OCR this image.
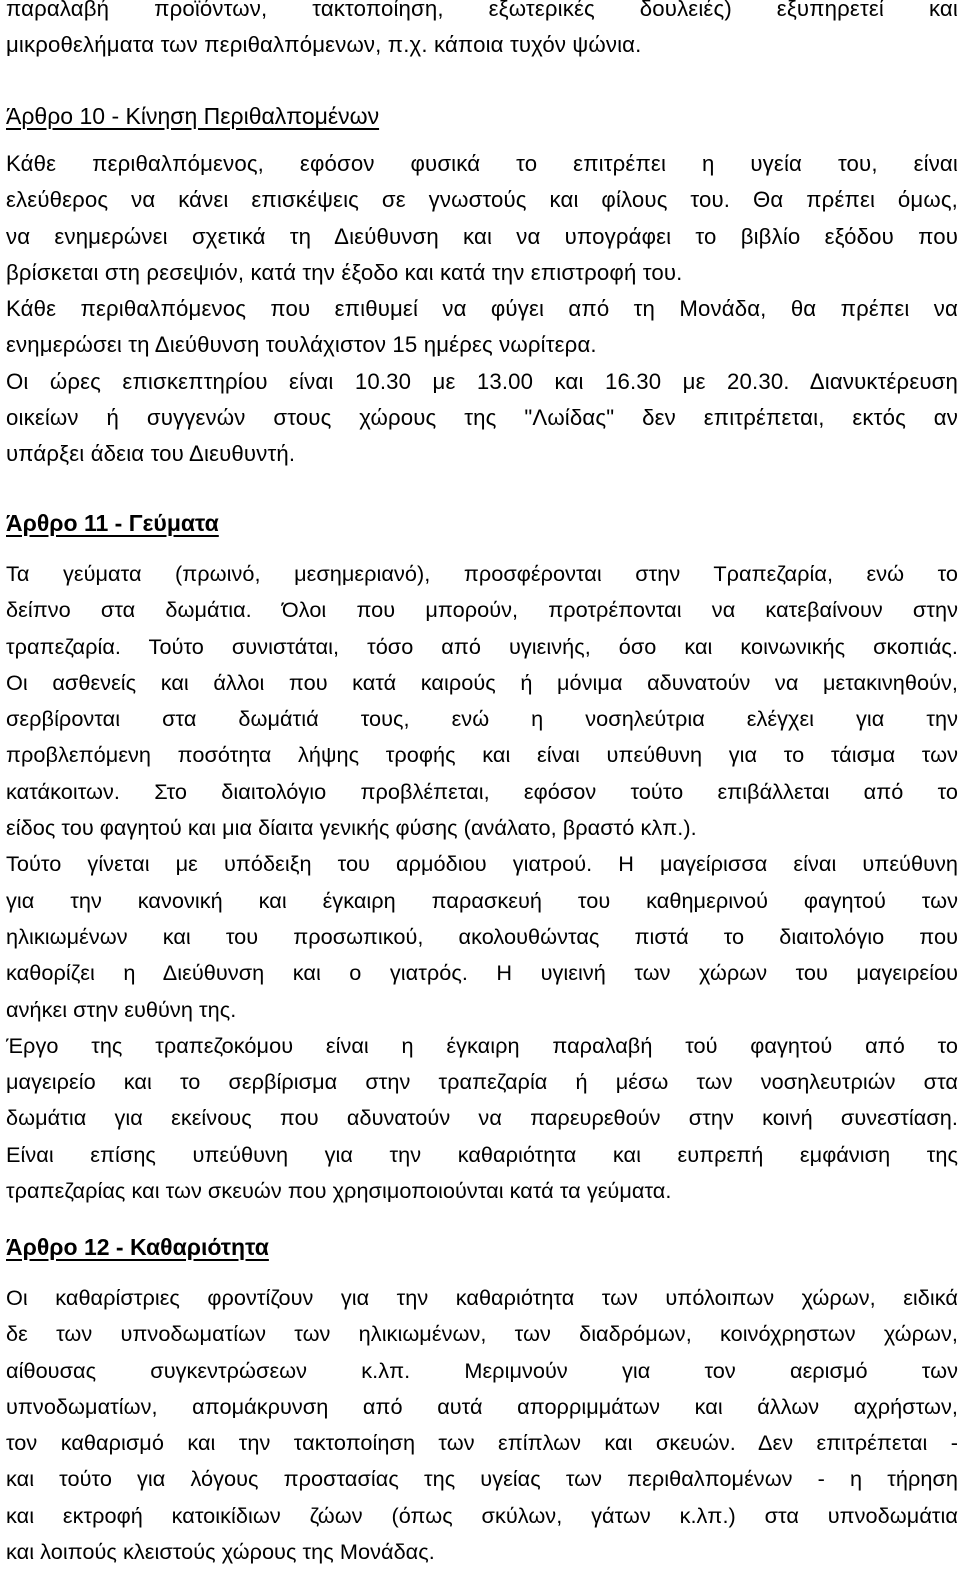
παραλαβή προϊόντων, τακτοποίηση, εξωτερικές δουλειές) εξυπηρετεί και
μικροθελήματα των περιθαλπόμενων, π.χ. κάποια τυχόν ψώνια.
Άρθρο 10 - Κίνηση Περιθαλπομένων
Κάθε περιθαλπόμενος, εφόσον φυσικά το επιτρέπει η υγεία του, είναι
ελεύθερος να κάνει επισκέψεις σε γνωστούς και φίλους του. Θα πρέπει όμως,
να ενημερώνει σχετικά τη Διεύθυνση και να υπογράφει το βιβλίο εξόδου που
βρίσκεται στη ρεσεψιόν, κατά την έξοδο και κατά την επιστροφή του.
Κάθε περιθαλπόμενος που επιθυμεί να φύγει από τη Μονάδα, θα πρέπει να
ενημερώσει τη Διεύθυνση τουλάχιστον 15 ημέρες νωρίτερα.
Οι ώρες επισκεπτηρίου είναι 10.30 με 13.00 και 16.30 με 20.30. Διανυκτέρευση
οικείων ή συγγενών στους χώρους της "Λωίδας" δεν επιτρέπεται, εκτός αν
υπάρξει άδεια του Διευθυντή.
Άρθρο 11 - Γεύματα
Τα γεύματα (πρωινό, μεσημεριανό), προσφέρονται στην Τραπεζαρία, ενώ το
δείπνο στα δωμάτια. Όλοι που μπορούν, προτρέπονται να κατεβαίνουν στην
τραπεζαρία. Τούτο συνιστάται, τόσο από υγιεινής, όσο και κοινωνικής σκοπιάς.
Οι ασθενείς και άλλοι που κατά καιρούς ή μόνιμα αδυνατούν να μετακινηθούν,
σερβίρονται στα δωμάτιά τους, ενώ η νοσηλεύτρια ελέγχει για την
προβλεπόμενη ποσότητα λήψης τροφής και είναι υπεύθυνη για το τάισμα των
κατάκοιτων. Στο διαιτολόγιο προβλέπεται, εφόσον τούτο επιβάλλεται από το
είδος του φαγητού και μια δίαιτα γενικής φύσης (ανάλατο, βραστό κλπ.).
Τούτο γίνεται με υπόδειξη του αρμόδιου γιατρού. Η μαγείρισσα είναι υπεύθυνη
για την κανονική και έγκαιρη παρασκευή του καθημερινού φαγητού των
ηλικιωμένων και του προσωπικού, ακολουθώντας πιστά το διαιτολόγιο που
καθορίζει η Διεύθυνση και ο γιατρός. Η υγιεινή των χώρων του μαγειρείου
ανήκει στην ευθύνη της.
Έργο της τραπεζοκόμου είναι η έγκαιρη παραλαβή τού φαγητού από το
μαγειρείο και το σερβίρισμα στην τραπεζαρία ή μέσω των νοσηλευτριών στα
δωμάτια για εκείνους που αδυνατούν να παρευρεθούν στην κοινή συνεστίαση.
Είναι επίσης υπεύθυνη για την καθαριότητα και ευπρεπή εμφάνιση της
τραπεζαρίας και των σκευών που χρησιμοποιούνται κατά τα γεύματα.
Άρθρο 12 - Καθαριότητα
Οι καθαρίστριες φροντίζουν για την καθαριότητα των υπόλοιπων χώρων, ειδικά
δε των υπνοδωματίων των ηλικιωμένων, των διαδρόμων, κοινόχρηστων χώρων,
αίθουσας συγκεντρώσεων κ.λπ. Μεριμνούν για τον αερισμό των
υπνοδωματίων, απομάκρυνση από αυτά απορριμμάτων και άλλων αχρήστων,
τον καθαρισμό και την τακτοποίηση των επίπλων και σκευών. Δεν επιτρέπεται -
και τούτο για λόγους προστασίας της υγείας των περιθαλπομένων - η τήρηση
και εκτροφή κατοικίδιων ζώων (όπως σκύλων, γάτων κ.λπ.) στα υπνοδωμάτια
και λοιπούς κλειστούς χώρους της Μονάδας.
